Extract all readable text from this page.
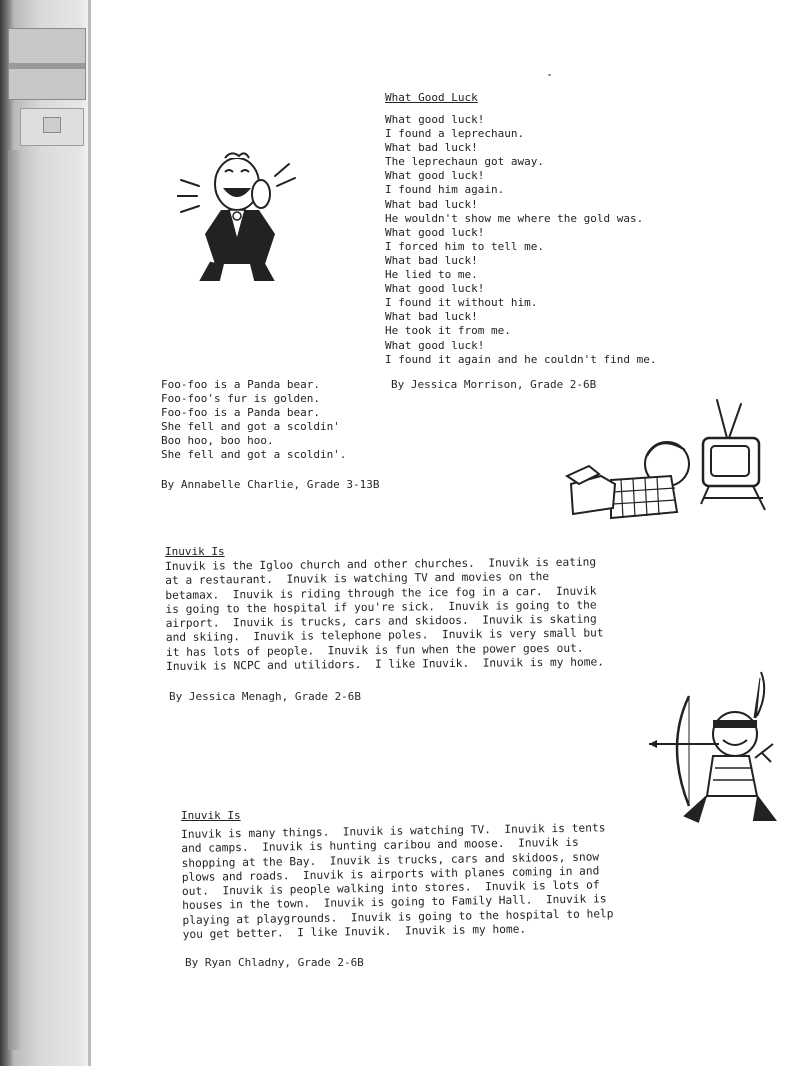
What Good Luck
What good luck!
I found a leprechaun.
What bad luck!
The leprechaun got away.
What good luck!
I found him again.
What bad luck!
He wouldn't show me where the gold was.
What good luck!
I forced him to tell me.
What bad luck!
He lied to me.
What good luck!
I found it without him.
What bad luck!
He took it from me.
What good luck!
I found it again and he couldn't find me.
By Jessica Morrison, Grade 2-6B
Foo-foo is a Panda bear.
Foo-foo's fur is golden.
Foo-foo is a Panda bear.
She fell and got a scoldin'
Boo hoo, boo hoo.
She fell and got a scoldin'.
By Annabelle Charlie, Grade 3-13B
Inuvik Is
Inuvik is the Igloo church and other churches.  Inuvik is eating
at a restaurant.  Inuvik is watching TV and movies on the
betamax.  Inuvik is riding through the ice fog in a car.  Inuvik
is going to the hospital if you're sick.  Inuvik is going to the
airport.  Inuvik is trucks, cars and skidoos.  Inuvik is skating
and skiing.  Inuvik is telephone poles.  Inuvik is very small but
it has lots of people.  Inuvik is fun when the power goes out.
Inuvik is NCPC and utilidors.  I like Inuvik.  Inuvik is my home.
By Jessica Menagh, Grade 2-6B
Inuvik Is
Inuvik is many things.  Inuvik is watching TV.  Inuvik is tents
and camps.  Inuvik is hunting caribou and moose.  Inuvik is
shopping at the Bay.  Inuvik is trucks, cars and skidoos, snow
plows and roads.  Inuvik is airports with planes coming in and
out.  Inuvik is people walking into stores.  Inuvik is lots of
houses in the town.  Inuvik is going to Family Hall.  Inuvik is
playing at playgrounds.  Inuvik is going to the hospital to help
you get better.  I like Inuvik.  Inuvik is my home.
By Ryan Chladny, Grade 2-6B
